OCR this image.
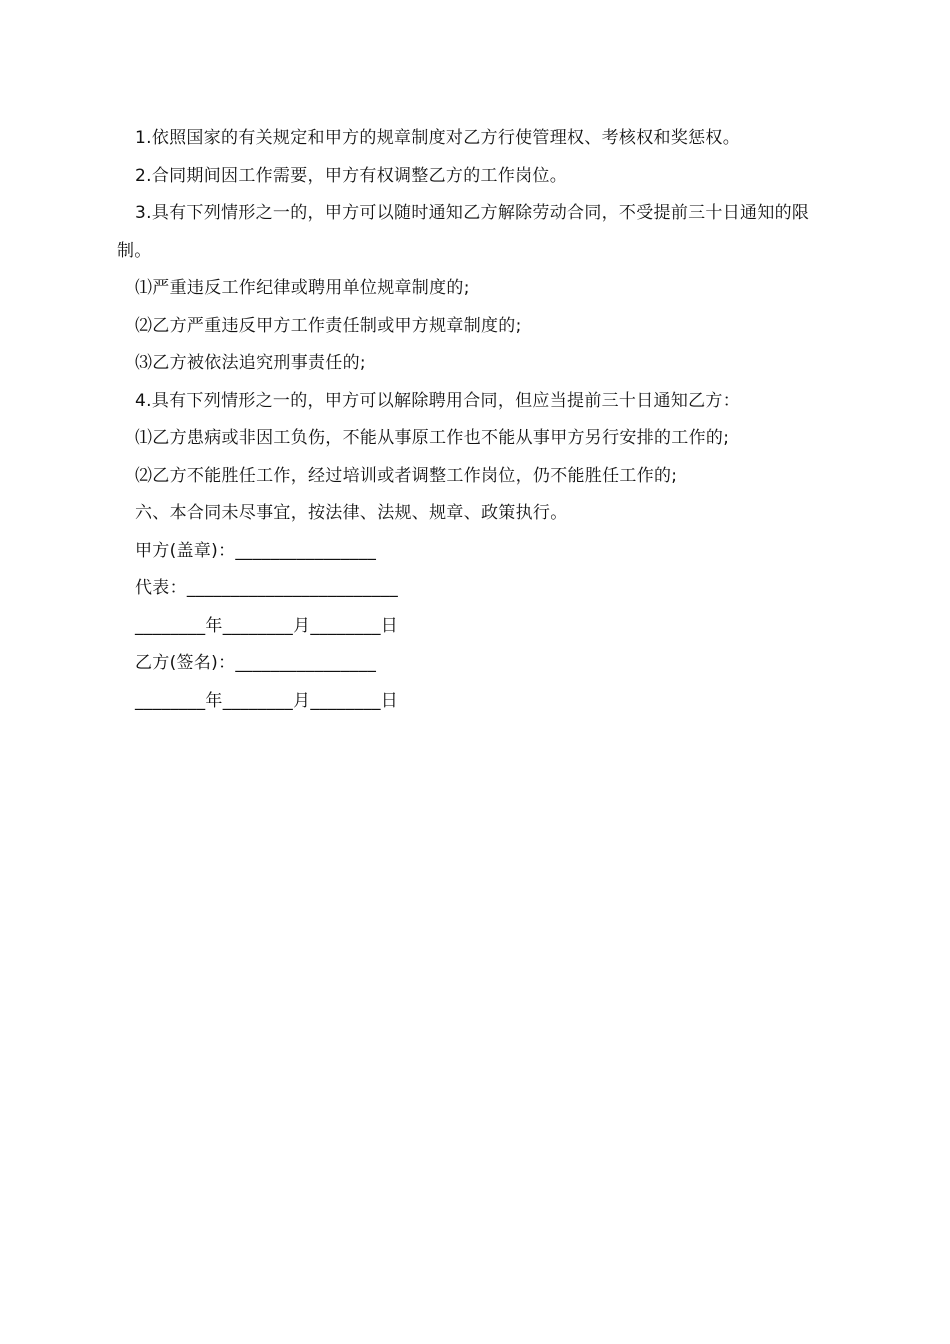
1.依照国家的有关规定和甲方的规章制度对乙方行使管理权、考核权和奖惩权。
2.合同期间因工作需要，甲方有权调整乙方的工作岗位。
3.具有下列情形之一的，甲方可以随时通知乙方解除劳动合同，不受提前三十日通知的限制。
⑴严重违反工作纪律或聘用单位规章制度的;
⑵乙方严重违反甲方工作责任制或甲方规章制度的;
⑶乙方被依法追究刑事责任的;
4.具有下列情形之一的，甲方可以解除聘用合同，但应当提前三十日通知乙方：
⑴乙方患病或非因工负伤，不能从事原工作也不能从事甲方另行安排的工作的;
⑵乙方不能胜任工作，经过培训或者调整工作岗位，仍不能胜任工作的;
六、本合同未尽事宜，按法律、法规、规章、政策执行。
甲方(盖章)：________________
代表：________________________
________年________月________日
乙方(签名)：________________
________年________月________日
